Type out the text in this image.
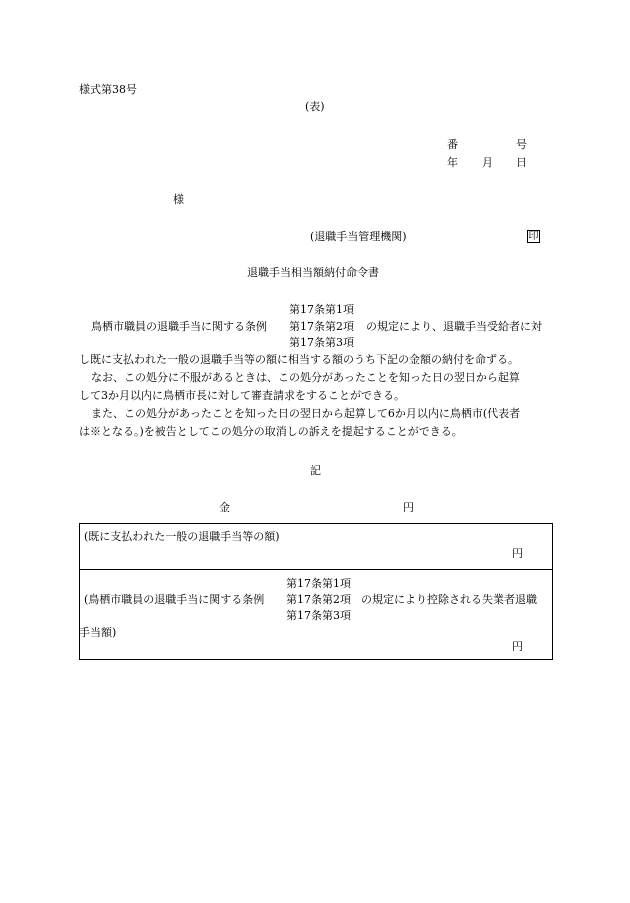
様式第38号
(表)
番	号
年 月 日
様
(退職手当管理機関)	印
退職手当相当額納付命令書
第17条第1項
鳥栖市職員の退職手当に関する条例 第17条第2項 の規定により、退職手当受給者に対
第17条第3項
し既に支払われた一般の退職手当等の額に相当する額のうち下記の金額の納付を命ずる。
なお、この処分に不服があるときは、この処分があったことを知った日の翌日から起算
して3か月以内に鳥栖市長に対して審査請求をすることができる。
また、この処分があったことを知った日の翌日から起算して6か月以内に鳥栖市(代表者
は※となる。)を被告としてこの処分の取消しの訴えを提起することができる。
記
金	円
(既に支払われた一般の退職手当等の額)
円
第17条第1項
(鳥栖市職員の退職手当に関する条例 第17条第2項 の規定により控除される失業者退職
第17条第3項
手当額)
円
